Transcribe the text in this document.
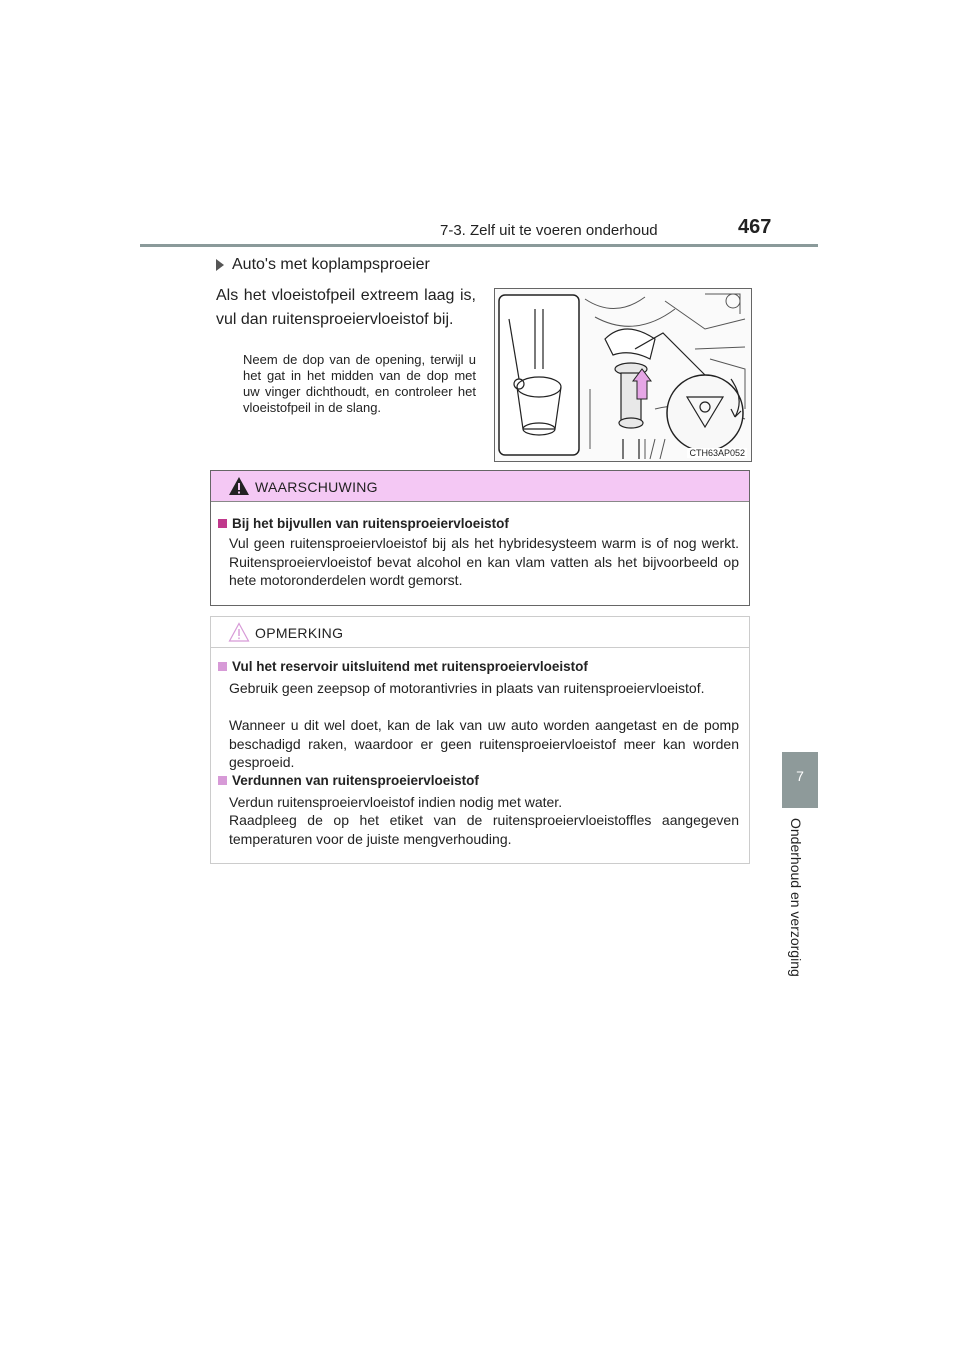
7-3. Zelf uit te voeren onderhoud	467
7
Onderhoud en verzorging
Auto's met koplampsproeier
Als het vloeistofpeil extreem laag is, vul dan ruitensproeiervloeistof bij.
Neem de dop van de opening, terwijl u het gat in het midden van de dop met uw vinger dichthoudt, en controleer het vloeistofpeil in de slang.
CTH63AP052
WAARSCHUWING
Bij het bijvullen van ruitensproeiervloeistof
Vul geen ruitensproeiervloeistof bij als het hybridesysteem warm is of nog werkt. Ruitensproeiervloeistof bevat alcohol en kan vlam vatten als het bijvoorbeeld op hete motoronderdelen wordt gemorst.
OPMERKING
Vul het reservoir uitsluitend met ruitensproeiervloeistof
Gebruik geen zeepsop of motorantivries in plaats van ruitensproeiervloeistof.
Wanneer u dit wel doet, kan de lak van uw auto worden aangetast en de pomp beschadigd raken, waardoor er geen ruitensproeiervloeistof meer kan worden gesproeid.
Verdunnen van ruitensproeiervloeistof
Verdun ruitensproeiervloeistof indien nodig met water.
Raadpleeg de op het etiket van de ruitensproeiervloeistoffles aangegeven temperaturen voor de juiste mengverhouding.
